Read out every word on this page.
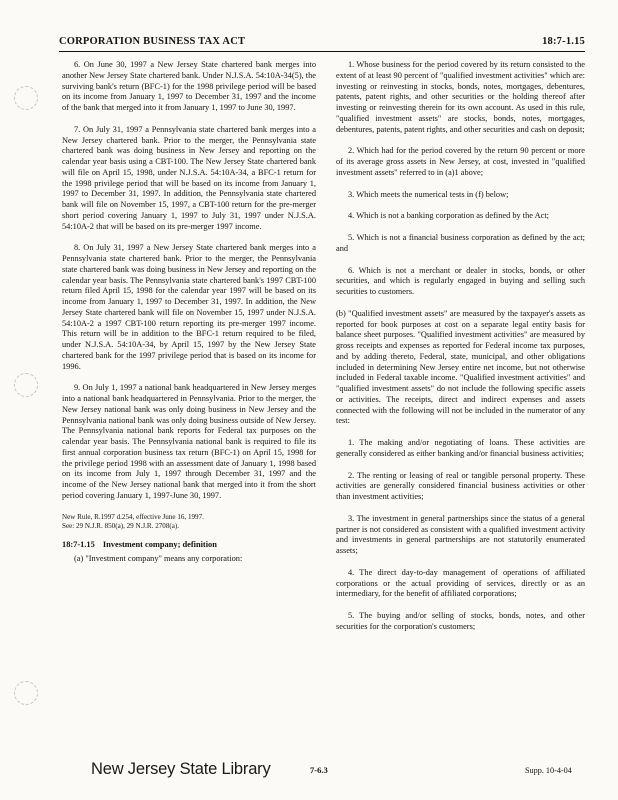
CORPORATION BUSINESS TAX ACT	18:7-1.15

6. On June 30, 1997 a New Jersey State chartered bank merges into another New Jersey State chartered bank. Under N.J.S.A. 54:10A-34(5), the surviving bank's return (BFC-1) for the 1998 privilege period will be based on its income from January 1, 1997 to December 31, 1997 and the income of the bank that merged into it from January 1, 1997 to June 30, 1997.

7. On July 31, 1997 a Pennsylvania state chartered bank merges into a New Jersey chartered bank. Prior to the merger, the Pennsylvania state chartered bank was doing business in New Jersey and reporting on the calendar year basis using a CBT-100. The New Jersey State chartered bank will file on April 15, 1998, under N.J.S.A. 54:10A-34, a BFC-1 return for the 1998 privilege period that will be based on its income from January 1, 1997 to December 31, 1997. In addition, the Pennsylvania state chartered bank will file on November 15, 1997, a CBT-100 return for the pre-merger short period covering January 1, 1997 to July 31, 1997 under N.J.S.A. 54:10A-2 that will be based on its pre-merger 1997 income.

8. On July 31, 1997 a New Jersey State chartered bank merges into a Pennsylvania state chartered bank. Prior to the merger, the Pennsylvania state chartered bank was doing business in New Jersey and reporting on the calendar year basis. The Pennsylvania state chartered bank's 1997 CBT-100 return filed April 15, 1998 for the calendar year 1997 will be based on its income from January 1, 1997 to December 31, 1997. In addition, the New Jersey State chartered bank will file on November 15, 1997 under N.J.S.A. 54:10A-2 a 1997 CBT-100 return reporting its pre-merger 1997 income. This return will be in addition to the BFC-1 return required to be filed, under N.J.S.A. 54:10A-34, by April 15, 1997 by the New Jersey State chartered bank for the 1997 privilege period that is based on its income for 1996.

9. On July 1, 1997 a national bank headquartered in New Jersey merges into a national bank headquartered in Pennsylvania. Prior to the merger, the New Jersey national bank was only doing business in New Jersey and the Pennsylvania national bank was only doing business outside of New Jersey. The Pennsylvania national bank reports for Federal tax purposes on the calendar year basis. The Pennsylvania national bank is required to file its first annual corporation business tax return (BFC-1) on April 15, 1998 for the privilege period 1998 with an assessment date of January 1, 1998 based on its income from July 1, 1997 through December 31, 1997 and the income of the New Jersey national bank that merged into it from the short period covering January 1, 1997-June 30, 1997.

New Rule, R.1997 d.254, effective June 16, 1997.
See: 29 N.J.R. 850(a), 29 N.J.R. 2708(a).

18:7-1.15 Investment company; definition

(a) "Investment company" means any corporation:

1. Whose business for the period covered by its return consisted to the extent of at least 90 percent of "qualified investment activities" which are: investing or reinvesting in stocks, bonds, notes, mortgages, debentures, patents, patent rights, and other securities or the holding thereof after investing or reinvesting therein for its own account. As used in this rule, "qualified investment assets" are stocks, bonds, notes, mortgages, debentures, patents, patent rights, and other securities and cash on deposit;

2. Which had for the period covered by the return 90 percent or more of its average gross assets in New Jersey, at cost, invested in "qualified investment assets" referred to in (a)1 above;

3. Which meets the numerical tests in (f) below;

4. Which is not a banking corporation as defined by the Act;

5. Which is not a financial business corporation as defined by the act; and

6. Which is not a merchant or dealer in stocks, bonds, or other securities, and which is regularly engaged in buying and selling such securities to customers.

(b) "Qualified investment assets" are measured by the taxpayer's assets as reported for book purposes at cost on a separate legal entity basis for balance sheet purposes. "Qualified investment activities" are measured by gross receipts and expenses as reported for Federal income tax purposes, and by adding thereto, Federal, state, municipal, and other obligations included in determining New Jersey entire net income, but not otherwise included in Federal taxable income. "Qualified investment activities" and "qualified investment assets" do not include the following specific assets or activities. The receipts, direct and indirect expenses and assets connected with the following will not be included in the numerator of any test:

1. The making and/or negotiating of loans. These activities are generally considered as either banking and/or financial business activities;

2. The renting or leasing of real or tangible personal property. These activities are generally considered financial business activities or other than investment activities;

3. The investment in general partnerships since the status of a general partner is not considered as consistent with a qualified investment activity and investments in general partnerships are not statutorily enumerated assets;

4. The direct day-to-day management of operations of affiliated corporations or the actual providing of services, directly or as an intermediary, for the benefit of affiliated corporations;

5. The buying and/or selling of stocks, bonds, notes, and other securities for the corporation's customers;

New Jersey State Library	7-6.3	Supp. 10-4-04
